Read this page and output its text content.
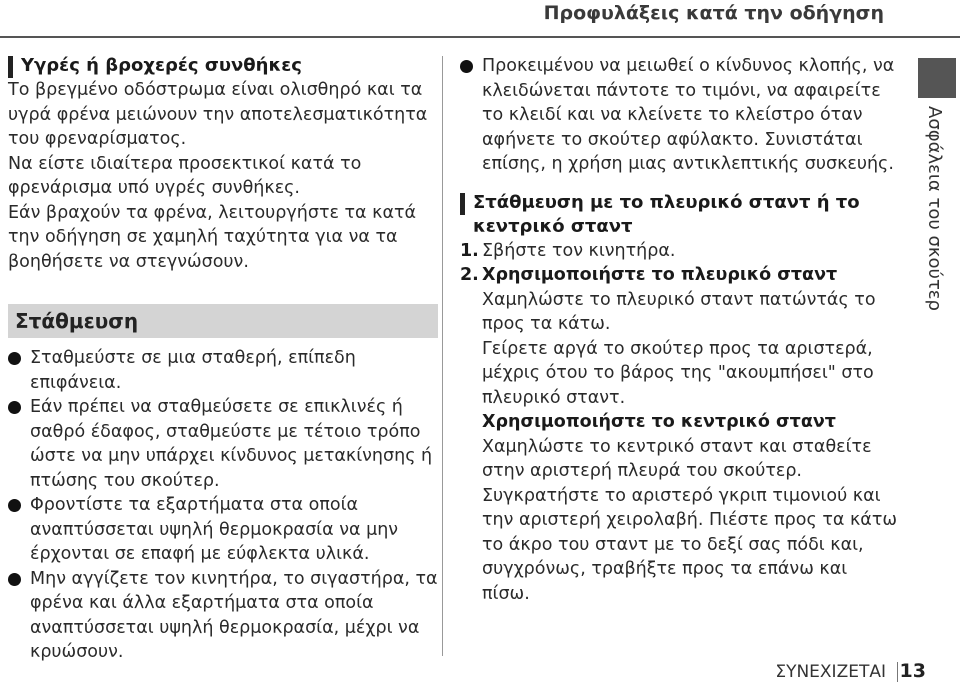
Προφυλάξεις κατά την οδήγηση
Ασφάλεια του σκούτερ
Υγρές ή βροχερές συνθήκες

Το βρεγμένο οδόστρωμα είναι ολισθηρό και τα υγρά φρένα μειώνουν την αποτελεσματικότητα του φρεναρίσματος.

Να είστε ιδιαίτερα προσεκτικοί κατά το φρενάρισμα υπό υγρές συνθήκες.

Εάν βραχούν τα φρένα, λειτουργήστε τα κατά την οδήγηση σε χαμηλή ταχύτητα για να τα βοηθήσετε να στεγνώσουν.

Στάθμευση
Σταθμεύστε σε μια σταθερή, επίπεδη επιφάνεια.
Εάν πρέπει να σταθμεύσετε σε επικλινές ή σαθρό έδαφος, σταθμεύστε με τέτοιο τρόπο ώστε να μην υπάρχει κίνδυνος μετακίνησης ή πτώσης του σκούτερ.
Φροντίστε τα εξαρτήματα στα οποία αναπτύσσεται υψηλή θερμοκρασία να μην έρχονται σε επαφή με εύφλεκτα υλικά.
Μην αγγίζετε τον κινητήρα, το σιγαστήρα, τα φρένα και άλλα εξαρτήματα στα οποία αναπτύσσεται υψηλή θερμοκρασία, μέχρι να κρυώσουν.
Προκειμένου να μειωθεί ο κίνδυνος κλοπής, να κλειδώνεται πάντοτε το τιμόνι, να αφαιρείτε το κλειδί και να κλείνετε το κλείστρο όταν αφήνετε το σκούτερ αφύλακτο. Συνιστάται επίσης, η χρήση μιας αντικλεπτικής συσκευής.
Στάθμευση με το πλευρικό σταντ ή το κεντρικό σταντ
1. Σβήστε τον κινητήρα.
2. Χρησιμοποιήστε το πλευρικό σταντ
Χαμηλώστε το πλευρικό σταντ πατώντάς το προς τα κάτω.
Γείρετε αργά το σκούτερ προς τα αριστερά, μέχρις ότου το βάρος της "ακουμπήσει" στο πλευρικό σταντ.
Χρησιμοποιήστε το κεντρικό σταντ
Χαμηλώστε το κεντρικό σταντ και σταθείτε στην αριστερή πλευρά του σκούτερ. Συγκρατήστε το αριστερό γκριπ τιμονιού και την αριστερή χειρολαβή. Πιέστε προς τα κάτω το άκρο του σταντ με το δεξί σας πόδι και, συγχρόνως, τραβήξτε προς τα επάνω και πίσω.
ΣΥΝΕΧΙΖΕΤΑΙ 13
